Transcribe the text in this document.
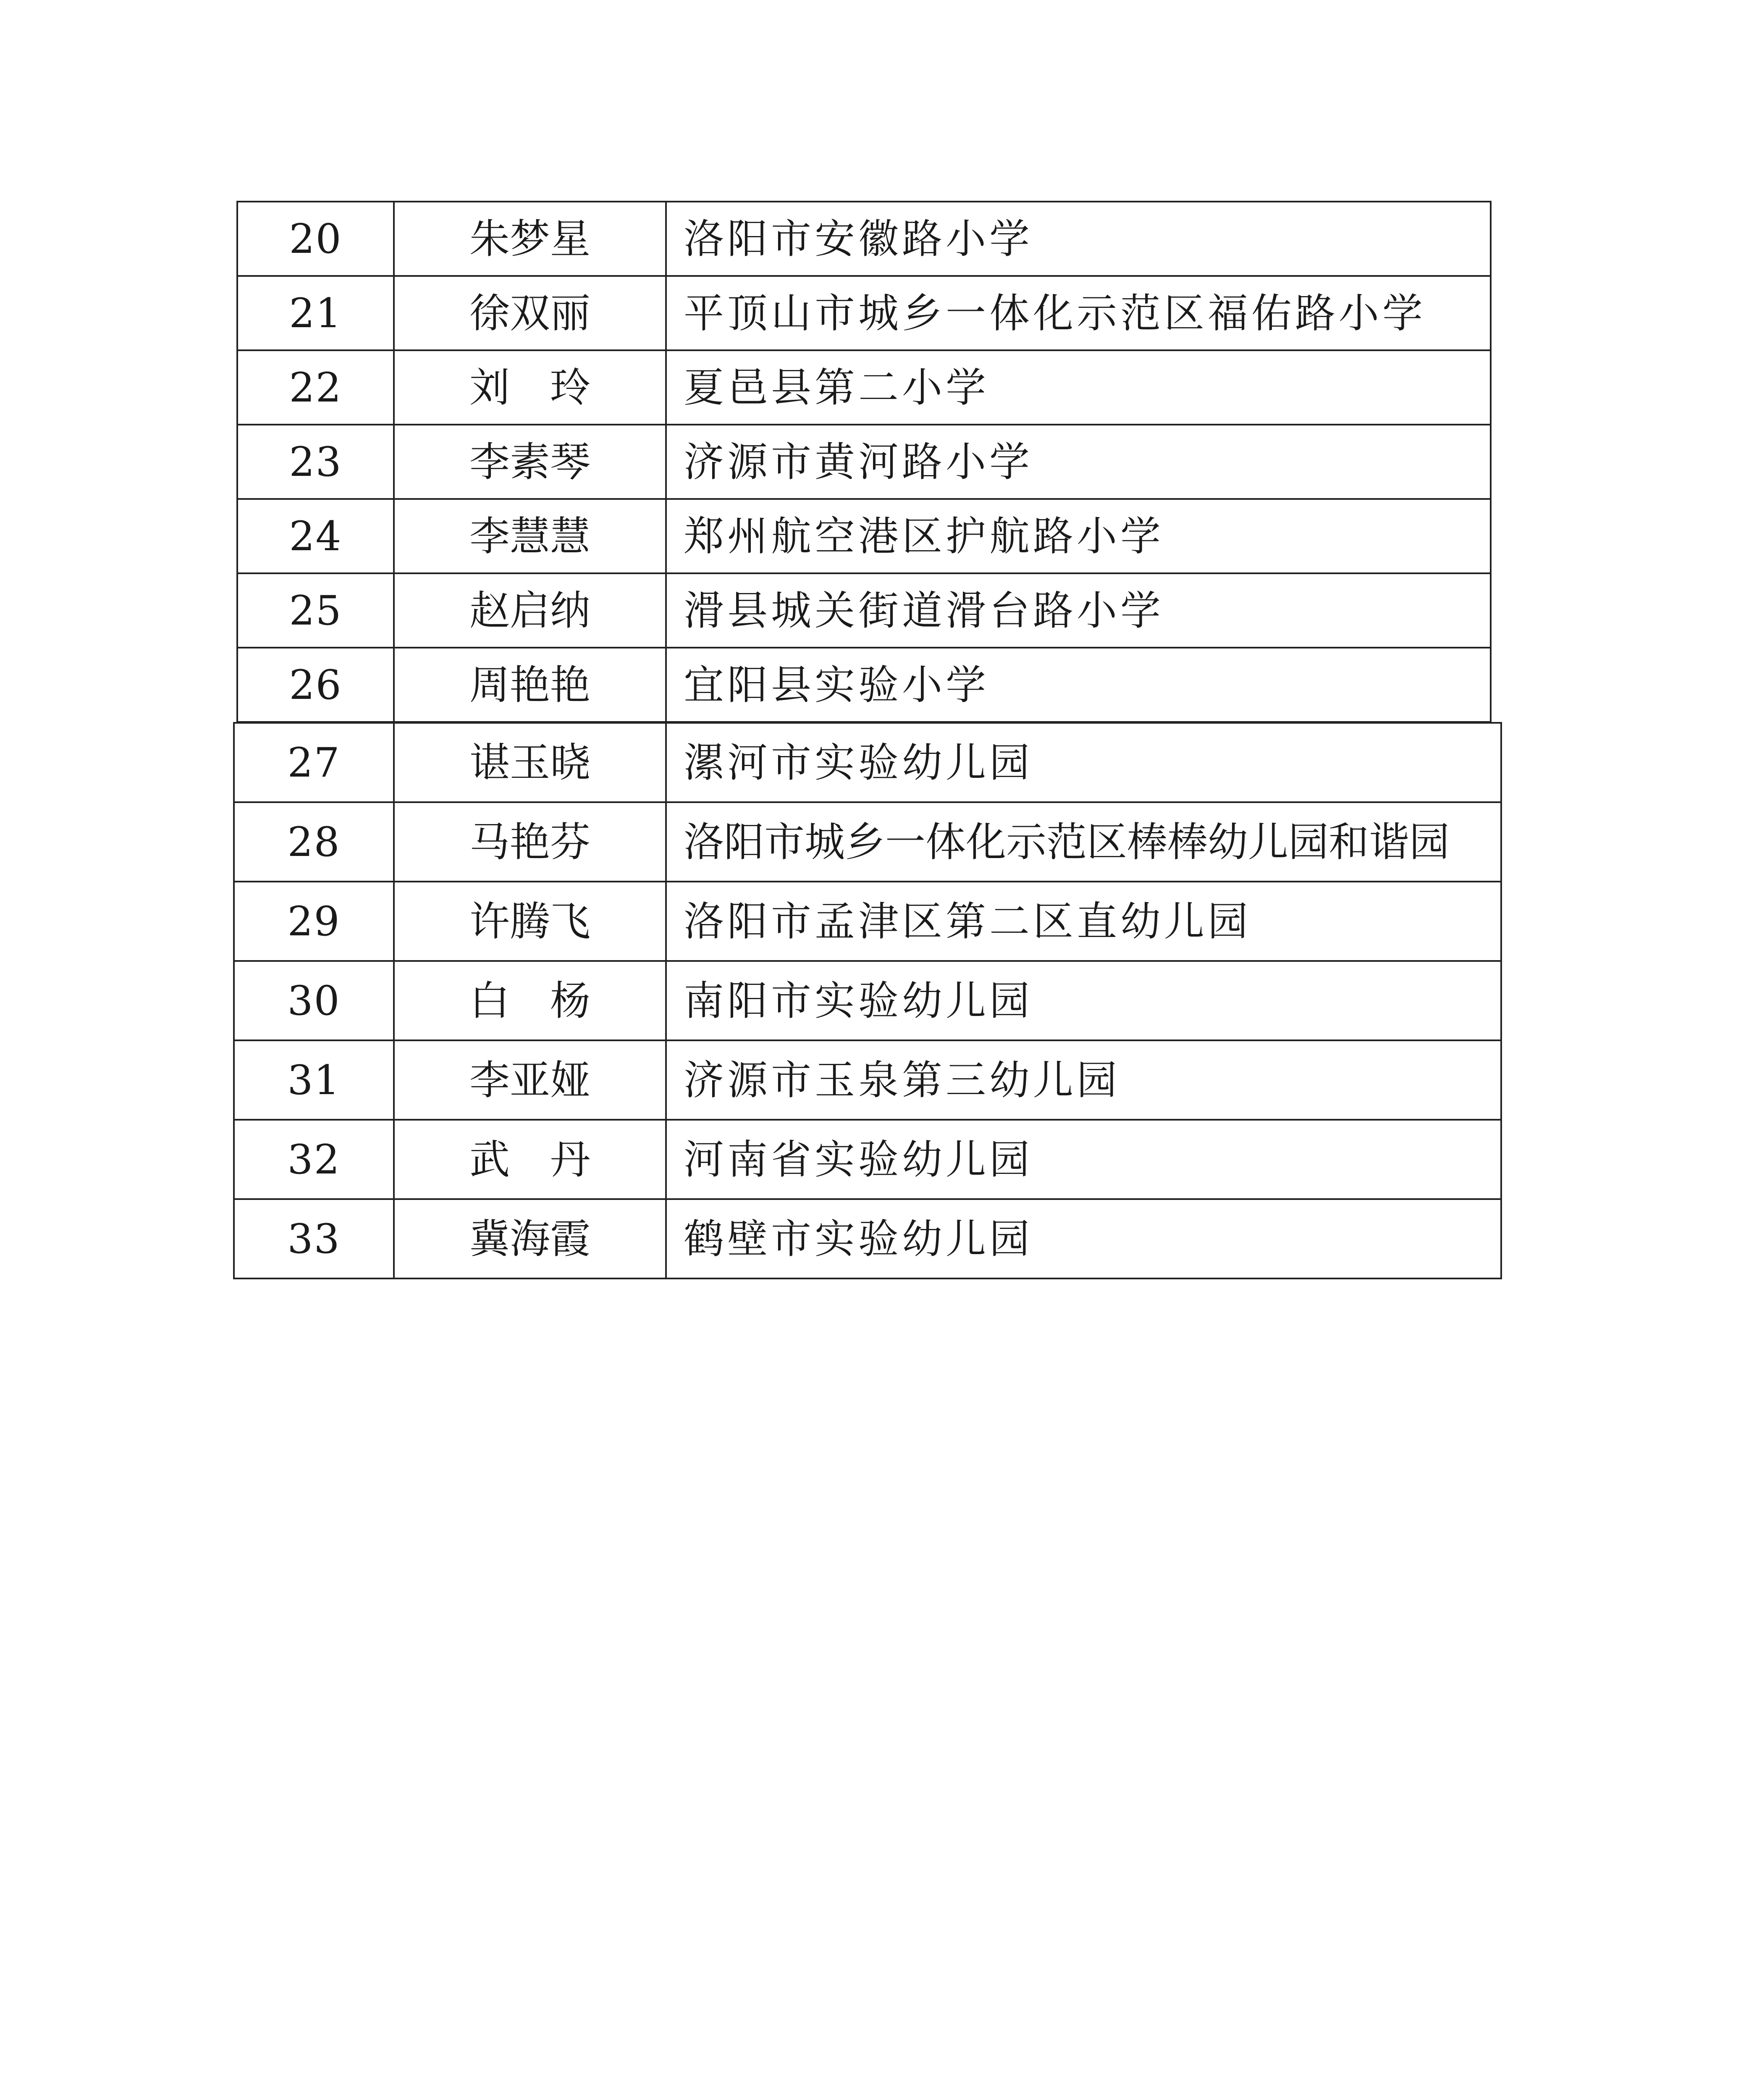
20	朱梦星	洛阳市安徽路小学
21	徐双丽	平顶山市城乡一体化示范区福佑路小学
22	刘　玲	夏邑县第二小学
23	李素琴	济源市黄河路小学
24	李慧慧	郑州航空港区护航路小学
25	赵启纳	滑县城关街道滑台路小学
26	周艳艳	宜阳县实验小学
27	谌玉晓	漯河市实验幼儿园
28	马艳芬	洛阳市城乡一体化示范区棒棒幼儿园和谐园
29	许腾飞	洛阳市孟津区第二区直幼儿园
30	白　杨	南阳市实验幼儿园
31	李亚娅	济源市玉泉第三幼儿园
32	武　丹	河南省实验幼儿园
33	冀海霞	鹤壁市实验幼儿园
